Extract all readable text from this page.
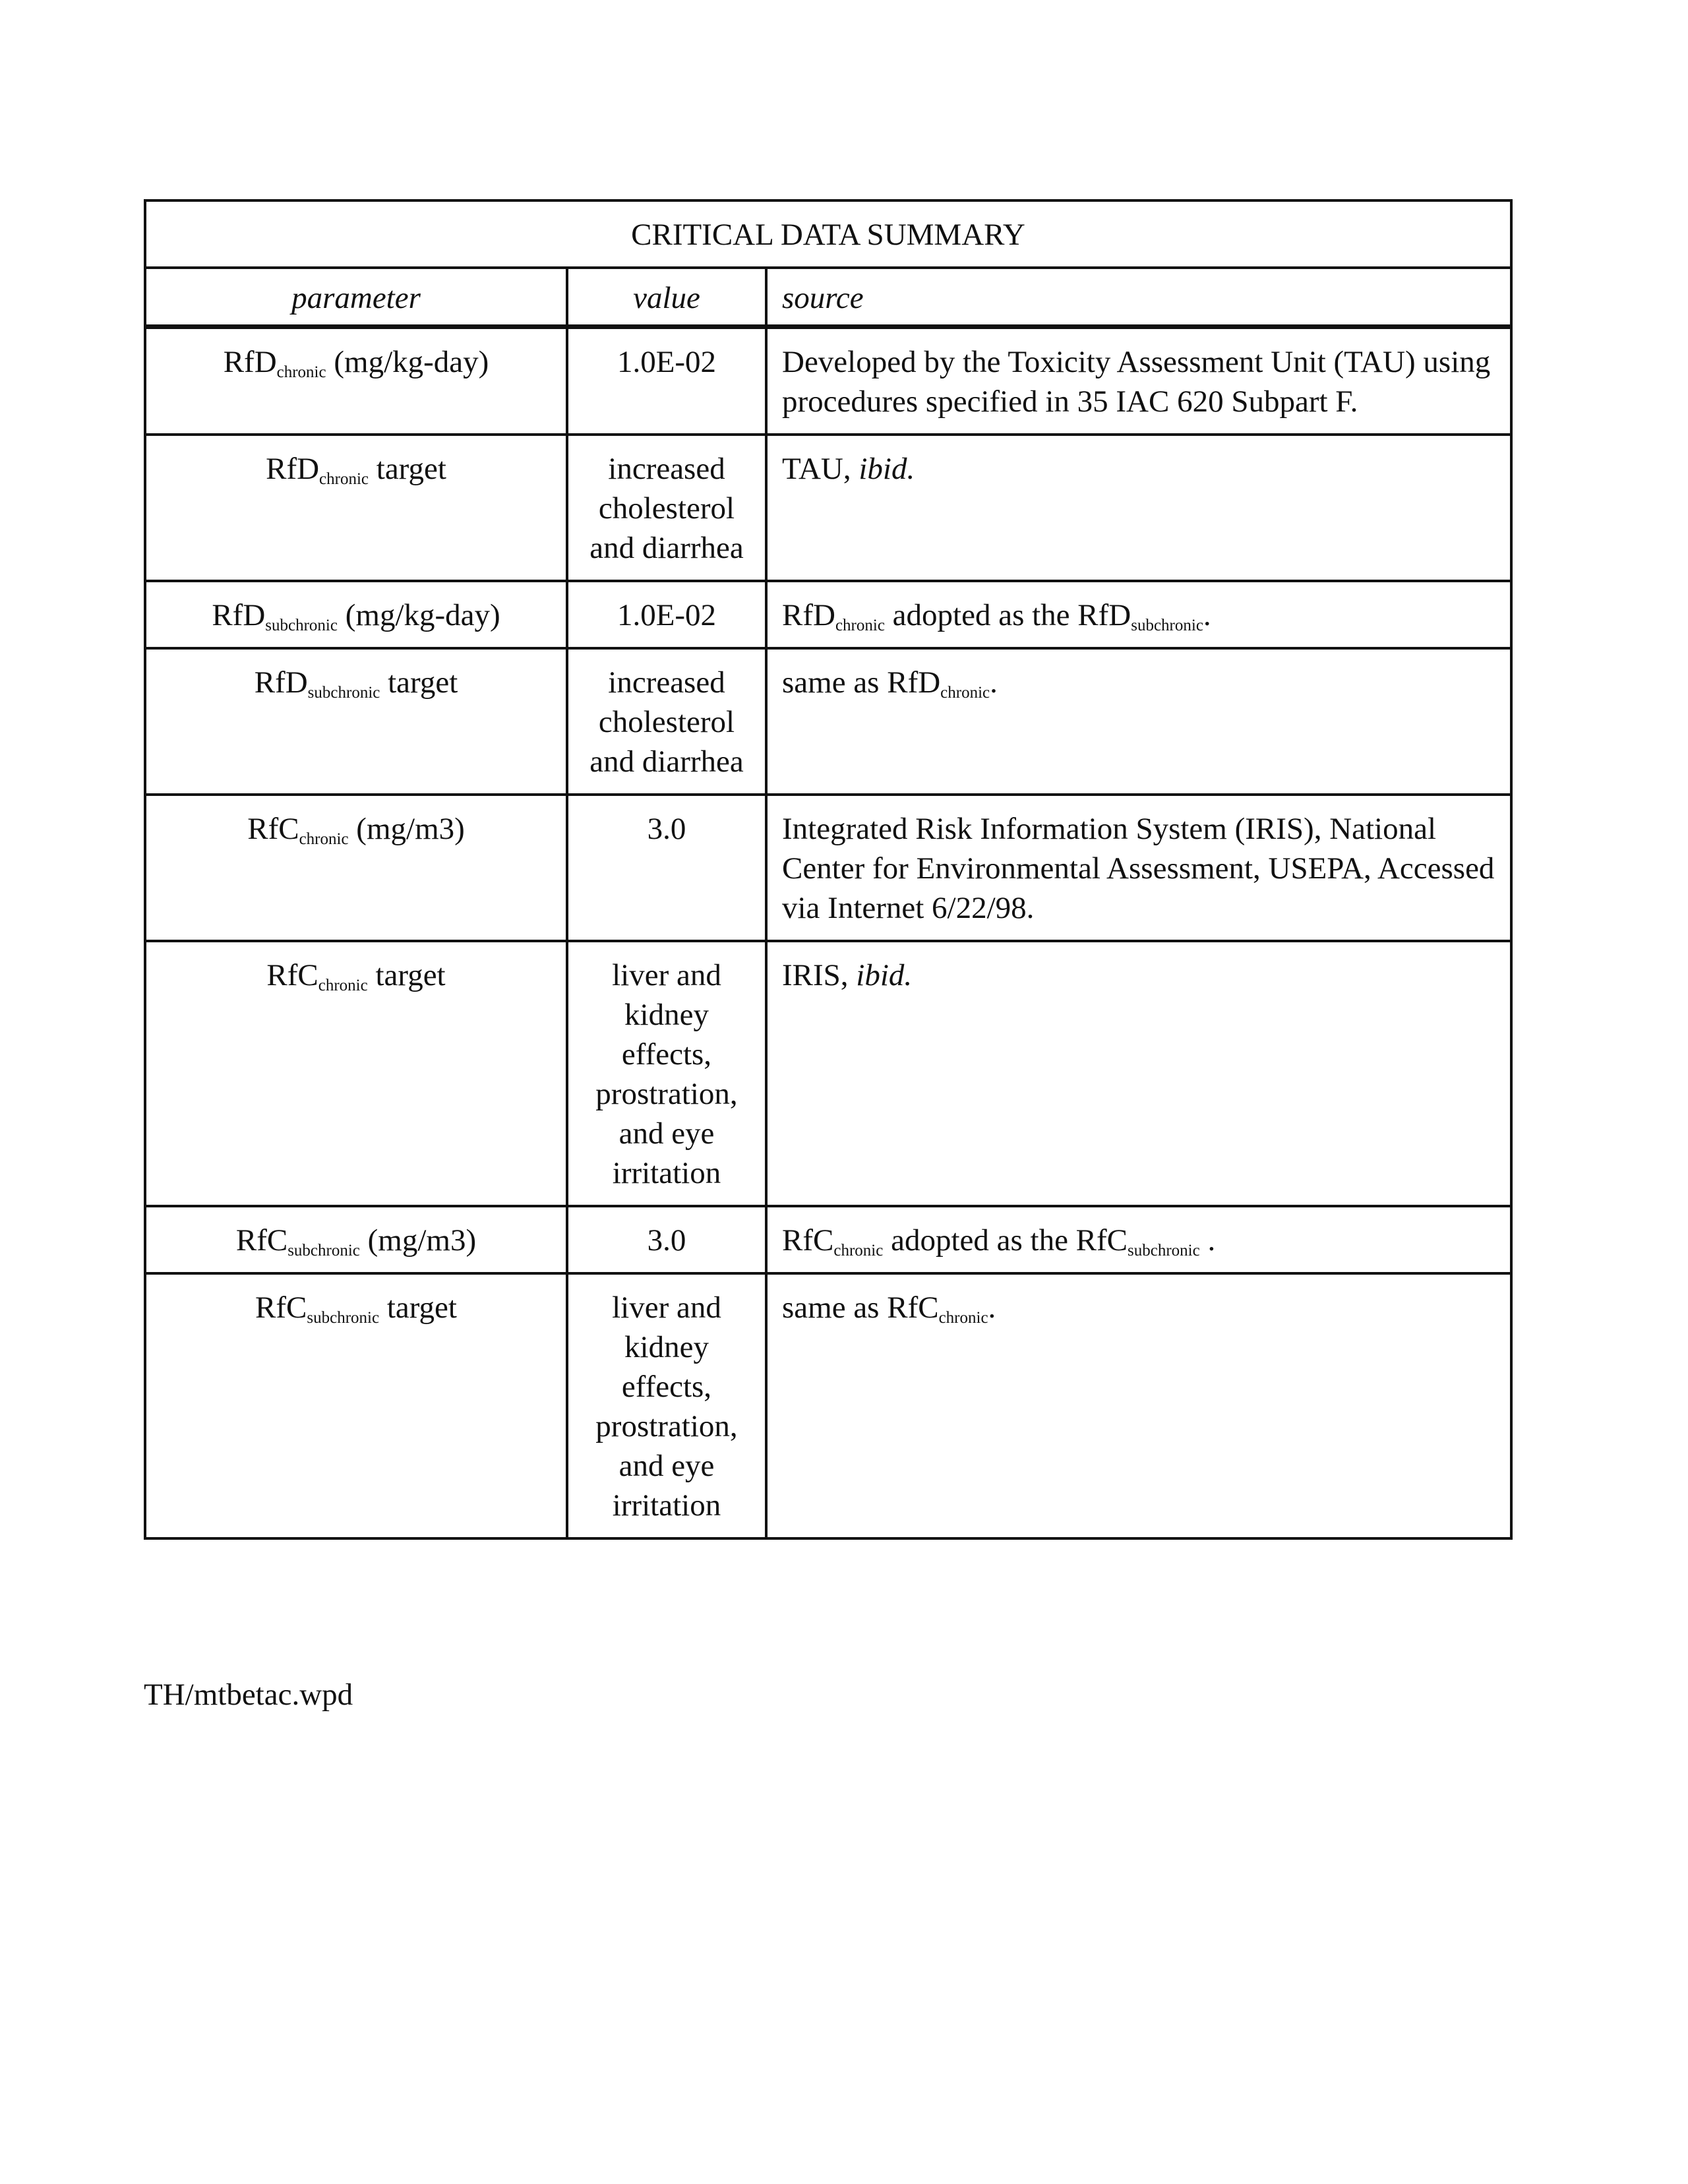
CRITICAL DATA SUMMARY		
parameter	value	source
RfD$_{chronic}$ (mg/kg-day)	1.0E-02	Developed by the Toxicity Assessment Unit (TAU) using procedures specified in 35 IAC 620 Subpart F.
RfD$_{chronic}$ target	increased cholesterol and diarrhea	TAU, ibid.
RfD$_{subchronic}$ (mg/kg-day)	1.0E-02	RfD$_{chronic}$ adopted as the RfD$_{subchronic}$.
RfD$_{subchronic}$ target	increased cholesterol and diarrhea	same as RfD$_{chronic}$.
RfC$_{chronic}$ (mg/m3)	3.0	Integrated Risk Information System (IRIS), National Center for Environmental Assessment, USEPA, Accessed via Internet 6/22/98.
RfC$_{chronic}$ target	liver and kidney effects, prostration, and eye irritation	IRIS, ibid.
RfC$_{subchronic}$ (mg/m3)	3.0	RfC$_{chronic}$ adopted as the RfC$_{subchronic}$ .
RfC$_{subchronic}$ target	liver and kidney effects, prostration, and eye irritation	same as RfC$_{chronic}$.
TH/mtbetac.wpd
